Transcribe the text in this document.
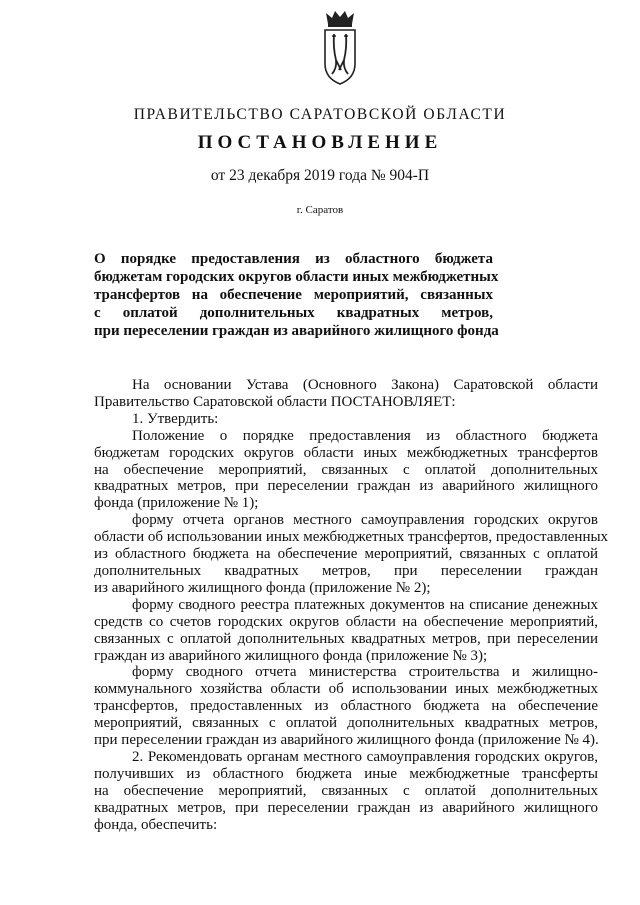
ПРАВИТЕЛЬСТВО САРАТОВСКОЙ ОБЛАСТИ
ПОСТАНОВЛЕНИЕ
от 23 декабря 2019 года № 904-П
г. Саратов
О порядке предоставления из областного бюджета
бюджетам городских округов области иных межбюджетных
трансфертов на обеспечение мероприятий, связанных
с оплатой дополнительных квадратных метров,
при переселении граждан из аварийного жилищного фонда
На основании Устава (Основного Закона) Саратовской области
Правительство Саратовской области ПОСТАНОВЛЯЕТ:
1. Утвердить:
Положение о порядке предоставления из областного бюджета
бюджетам городских округов области иных межбюджетных трансфертов
на обеспечение мероприятий, связанных с оплатой дополнительных
квадратных метров, при переселении граждан из аварийного жилищного
фонда (приложение № 1);
форму отчета органов местного самоуправления городских округов
области об использовании иных межбюджетных трансфертов, предоставленных
из областного бюджета на обеспечение мероприятий, связанных с оплатой
дополнительных квадратных метров, при переселении граждан
из аварийного жилищного фонда (приложение № 2);
форму сводного реестра платежных документов на списание денежных
средств со счетов городских округов области на обеспечение мероприятий,
связанных с оплатой дополнительных квадратных метров, при переселении
граждан из аварийного жилищного фонда (приложение № 3);
форму сводного отчета министерства строительства и жилищно-
коммунального хозяйства области об использовании иных межбюджетных
трансфертов, предоставленных из областного бюджета на обеспечение
мероприятий, связанных с оплатой дополнительных квадратных метров,
при переселении граждан из аварийного жилищного фонда (приложение № 4).
2. Рекомендовать органам местного самоуправления городских округов,
получивших из областного бюджета иные межбюджетные трансферты
на обеспечение мероприятий, связанных с оплатой дополнительных
квадратных метров, при переселении граждан из аварийного жилищного
фонда, обеспечить:
